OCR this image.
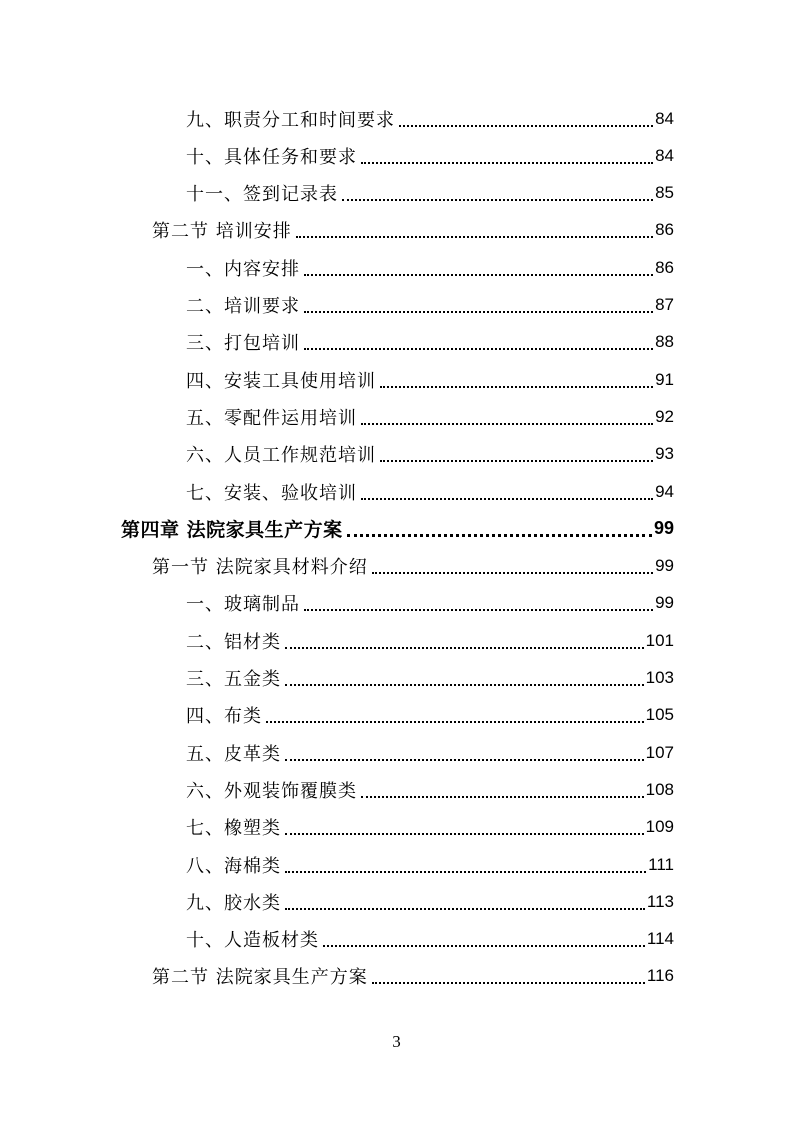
九、职责分工和时间要求	84
十、具体任务和要求	84
十一、签到记录表	85
第二节 培训安排	86
一、内容安排	86
二、培训要求	87
三、打包培训	88
四、安装工具使用培训	91
五、零配件运用培训	92
六、人员工作规范培训	93
七、安装、验收培训	94
第四章 法院家具生产方案	99
第一节 法院家具材料介绍	99
一、玻璃制品	99
二、铝材类	101
三、五金类	103
四、布类	105
五、皮革类	107
六、外观装饰覆膜类	108
七、橡塑类	109
八、海棉类	111
九、胶水类	113
十、人造板材类	114
第二节 法院家具生产方案	116
3
